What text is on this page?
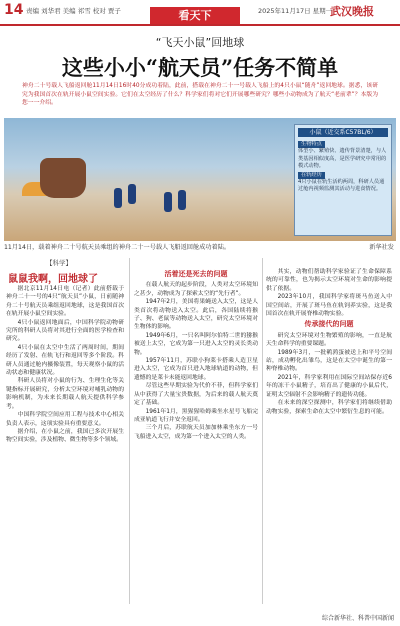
14 责编 刘华君 美编 祁雪 校对 贾子	看天下	2025年11月17日 星期一
武汉晚报
“飞天小鼠”回地球
这些小小“航天员”任务不简单
神舟二十号载人飞船返回舱11月14日16时40分成功着陆，此前，搭载在神舟二十一号载人飞船上的4只小鼠“随舟”返回地球。据悉，该研究为我国首次在轨开展小鼠空间实验。它们在太空经历了什么？科学家们将对它们开展哪些研究？哪些小动物成为了航天“老前辈”？本版为您一一介绍。
小鼠（近交系C57BL/6）
生物特点
体型小、繁殖快、遗传背景清楚，与人类基因相似度高，是医学研究中常用的模式动物。
在轨经历
4只小鼠在轨生活约两周，科研人员通过舱内视频监测其活动与进食情况。
11月14日，载着神舟二十号航天员乘组的神舟二十一号载人飞船返回舱成功着陆。	新华社发
【科学】
鼠鼠我啊，回地球了

据北京11月14日电（记者）此前搭载于神舟二十一号的4只“航天员”小鼠，日前随神舟二十号航天员乘组返回地球，这是我国首次在轨开展小鼠空间实验。

4只小鼠返回地面后，中国科学院动物研究所的科研人员将对其进行全面的医学检查和研究。

4只小鼠在太空中生活了两周时间，期间经历了发射、在轨飞行和返回等多个阶段。科研人员通过舱内摄像装置，每天观察小鼠的活动状态和健康状况。

科研人员将对小鼠的行为、生理生化等关键指标开展研究，分析太空环境对哺乳动物的影响机制，为未来长期载人航天提供科学参考。

中国科学院空间应用工程与技术中心相关负责人表示，这项实验具有重要意义。

据介绍，在小鼠之前，我国已多次开展生物空间实验，涉及植物、微生物等多个领域。

活着还是死去的问题

在载人航天的起步阶段，人类对太空环境知之甚少，动物成为了探索太空的“先行者”。

1947年2月，美国将果蝇送入太空，这是人类首次将动物送入太空。此后，各国陆续将猴子、狗、老鼠等动物送入太空，研究太空环境对生物体的影响。

1949年6月，一只名叫阿尔伯特二世的猕猴被送上太空，它成为第一只进入太空的灵长类动物。

1957年11月，苏联小狗莱卡搭乘人造卫星进入太空，它成为首只进入地球轨道的动物，但遗憾的是莱卡未能返回地球。

尽管这些早期实验为代价不菲，但科学家们从中获得了大量宝贵数据，为后来的载人航天奠定了基础。

1961年1月，黑猩猩哈姆乘坐水星号飞船完成亚轨道飞行并安全返回。

三个月后，苏联航天员加加林乘坐东方一号飞船进入太空，成为第一个进入太空的人类。

其实，动物们帮助科学家验证了生命保障系统的可靠性，也为揭示太空环境对生命的影响提供了依据。

2023年10月，我国科学家将斑马鱼送入中国空间站，开展了斑马鱼在轨饲养实验，这是我国首次在轨开展脊椎动物实验。

传承接代的问题

研究太空环境对生物繁殖的影响，一直是航天生命科学的重要课题。

1989年3月，一批鹌鹑蛋被送上和平号空间站，成功孵化出雏鸟，这是在太空中诞生的第一种脊椎动物。

2021年，科学家利用在国际空间站保存近6年的冻干小鼠精子，培育出了健康的小鼠后代，证明太空辐射不会影响精子的遗传功能。

在未来的深空探测中，科学家们将继续借助动物实验，探索生命在太空中繁衍生息的可能。

综合新华社、科普中国新闻
